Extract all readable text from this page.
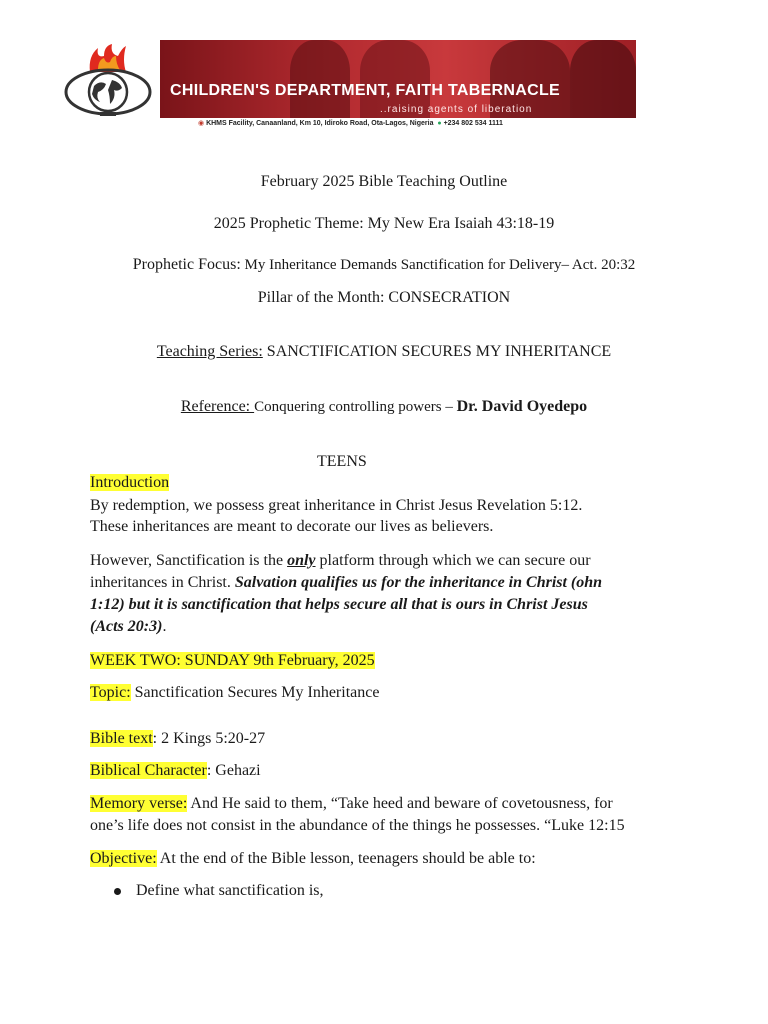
CHILDREN'S DEPARTMENT, FAITH TABERNACLE
..raising agents of liberation
◉ KHMS Facility, Canaanland, Km 10, Idiroko Road, Ota-Lagos, Nigeria ● +234 802 534 1111
February 2025 Bible Teaching Outline
2025 Prophetic Theme: My New Era Isaiah 43:18-19
Prophetic Focus: My Inheritance Demands Sanctification for Delivery– Act. 20:32
Pillar of the Month: CONSECRATION
Teaching Series: SANCTIFICATION SECURES MY INHERITANCE
Reference: Conquering controlling powers – Dr. David Oyedepo
TEENS
Introduction
By redemption, we possess great inheritance in Christ Jesus Revelation 5:12.
These inheritances are meant to decorate our lives as believers.
However, Sanctification is the only platform through which we can secure our
inheritances in Christ. Salvation qualifies us for the inheritance in Christ (ohn
1:12) but it is sanctification that helps secure all that is ours in Christ Jesus
(Acts 20:3).
WEEK TWO: SUNDAY 9th February, 2025
Topic: Sanctification Secures My Inheritance
Bible text: 2 Kings 5:20-27
Biblical Character: Gehazi
Memory verse: And He said to them, “Take heed and beware of covetousness, for
one’s life does not consist in the abundance of the things he possesses. “Luke 12:15
Objective: At the end of the Bible lesson, teenagers should be able to:
Define what sanctification is,
